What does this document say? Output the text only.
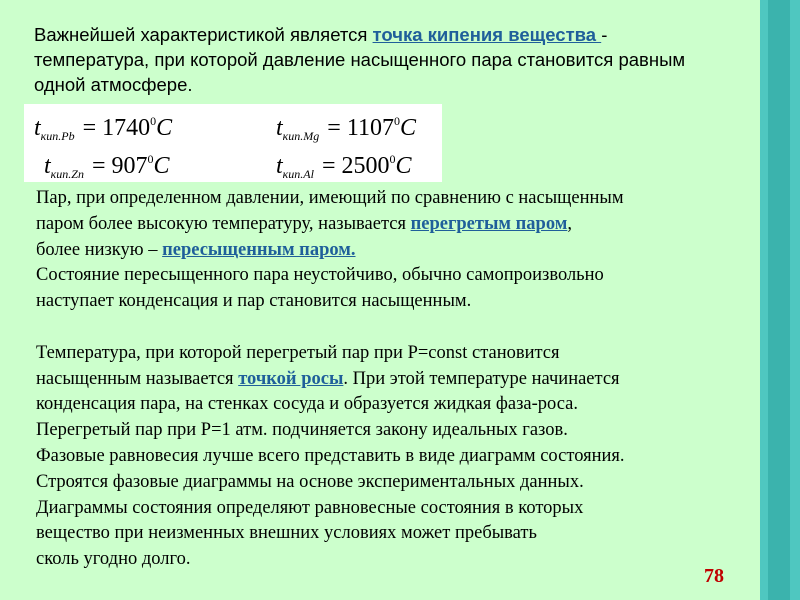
Важнейшей характеристикой является точка кипения вещества -
температура, при которой давление насыщенного пара становится равным
одной атмосфере.
$t_{кип.Pb} = 1740^0C$	$t_{кип.Mg} = 1107^0C$
$t_{кип.Zn} = 907^0C$	$t_{кип.Al} = 2500^0C$
Пар, при определенном давлении, имеющий по сравнению с насыщенным
паром более высокую температуру, называется перегретым паром,
более низкую – пересыщенным паром.
Состояние пересыщенного пара неустойчиво, обычно самопроизвольно
наступает конденсация и пар становится насыщенным.
Температура, при которой перегретый пар при P=const становится
насыщенным называется точкой росы. При этой температуре начинается
конденсация пара, на стенках сосуда и образуется жидкая фаза-роса.
Перегретый пар при P=1 атм. подчиняется закону идеальных газов.
Фазовые равновесия лучше всего представить в виде диаграмм состояния.
Строятся фазовые диаграммы на основе экспериментальных данных.
Диаграммы состояния определяют равновесные состояния в которых
вещество при неизменных внешних условиях может пребывать
сколь угодно долго.
78
